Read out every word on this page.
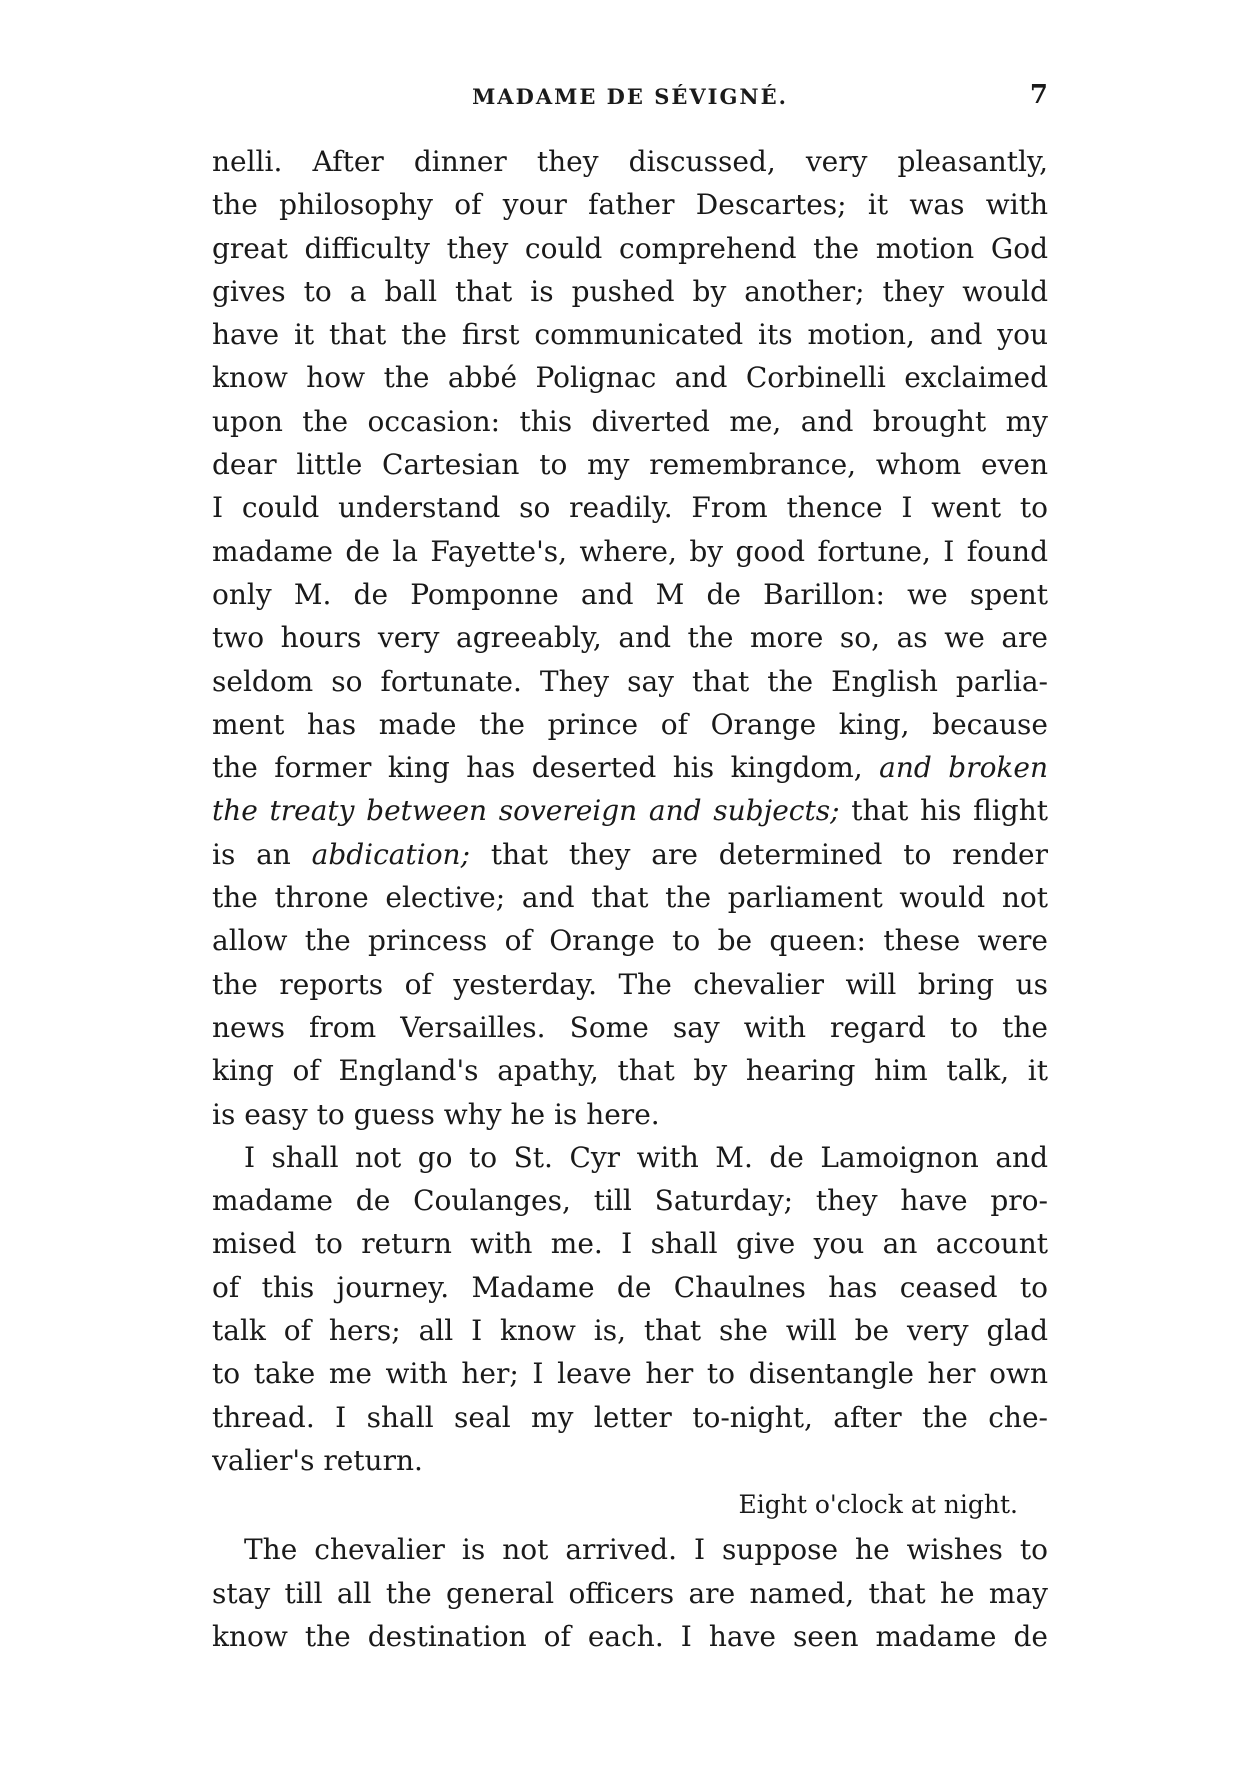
MADAME DE SÉVIGNÉ.	7
nelli. After dinner they discussed, very pleasantly,
the philosophy of your father Descartes; it was with
great difficulty they could comprehend the motion God
gives to a ball that is pushed by another; they would
have it that the first communicated its motion, and you
know how the abbé Polignac and Corbinelli exclaimed
upon the occasion: this diverted me, and brought my
dear little Cartesian to my remembrance, whom even
I could understand so readily. From thence I went to
madame de la Fayette's, where, by good fortune, I found
only M. de Pomponne and M de Barillon: we spent
two hours very agreeably, and the more so, as we are
seldom so fortunate. They say that the English parlia-
ment has made the prince of Orange king, because
the former king has deserted his kingdom, and broken
the treaty between sovereign and subjects; that his flight
is an abdication; that they are determined to render
the throne elective; and that the parliament would not
allow the princess of Orange to be queen: these were
the reports of yesterday. The chevalier will bring us
news from Versailles. Some say with regard to the
king of England's apathy, that by hearing him talk, it
is easy to guess why he is here.
I shall not go to St. Cyr with M. de Lamoignon and
madame de Coulanges, till Saturday; they have pro-
mised to return with me. I shall give you an account
of this journey. Madame de Chaulnes has ceased to
talk of hers; all I know is, that she will be very glad
to take me with her; I leave her to disentangle her own
thread. I shall seal my letter to-night, after the che-
valier's return.
Eight o'clock at night.
The chevalier is not arrived. I suppose he wishes to
stay till all the general officers are named, that he may
know the destination of each. I have seen madame de
